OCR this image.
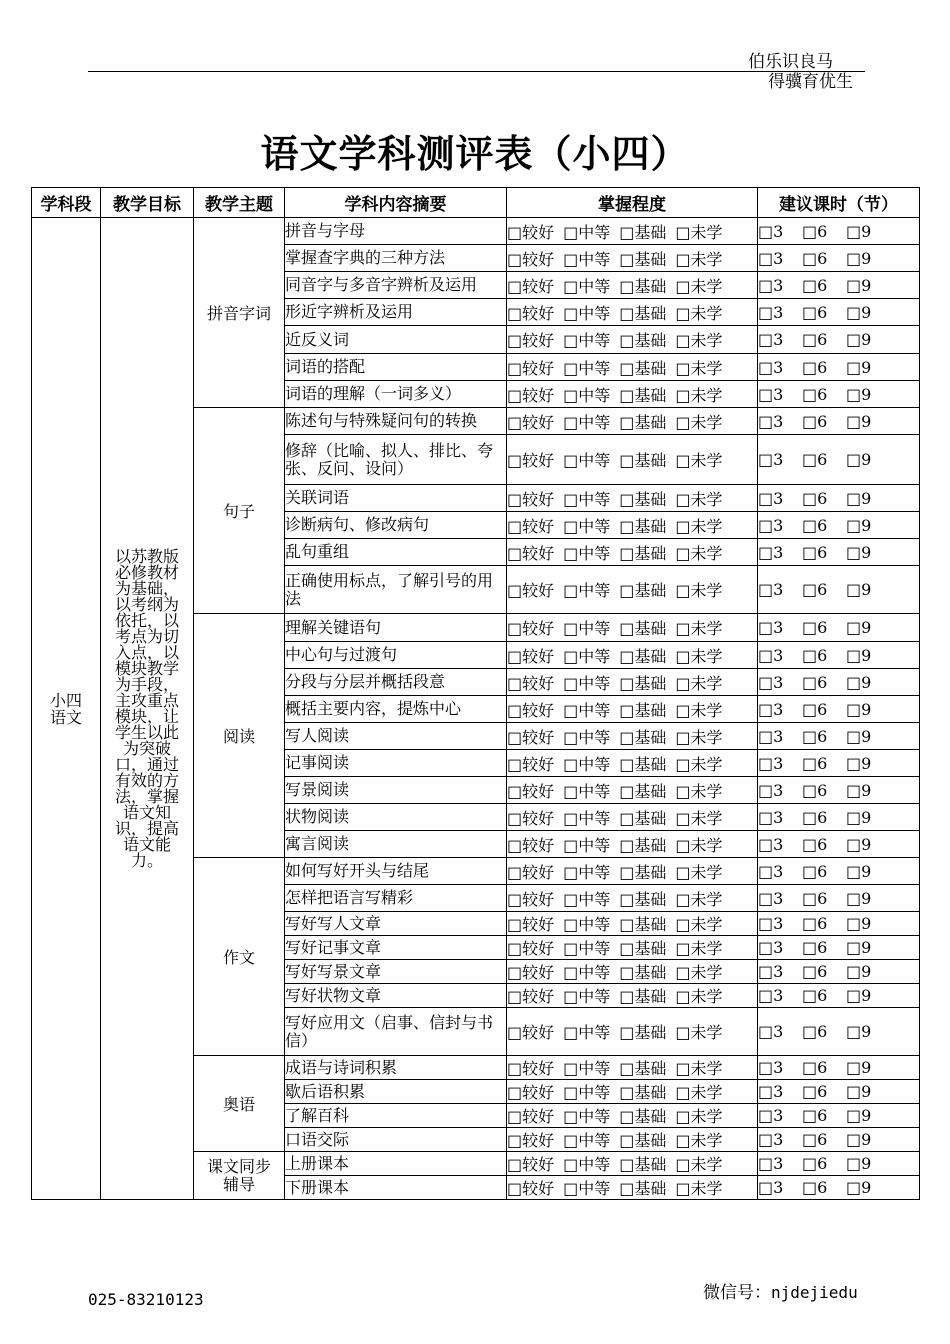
伯乐识良马
得骥育优生
语文学科测评表（小四）
学科段	教学目标	教学主题	学科内容摘要	掌握程度	建议课时（节）

小四
语文	以苏教版必修教材为基础，以考纲为依托，以考点为切入点，以模块教学为手段，主攻重点模块，让学生以此为突破口，通过有效的方法，掌握语文知识，提高语文能力。	拼音字词	拼音与字母	□较好 □中等 □基础 □未学	□3 □6 □9

			掌握查字典的三种方法	□较好 □中等 □基础 □未学	□3 □6 □9

			同音字与多音字辨析及运用	□较好 □中等 □基础 □未学	□3 □6 □9

			形近字辨析及运用	□较好 □中等 □基础 □未学	□3 □6 □9

			近反义词	□较好 □中等 □基础 □未学	□3 □6 □9

			词语的搭配	□较好 □中等 □基础 □未学	□3 □6 □9

			词语的理解（一词多义）	□较好 □中等 □基础 □未学	□3 □6 □9
		句子	陈述句与特殊疑问句的转换	□较好 □中等 □基础 □未学	□3 □6 □9

			修辞（比喻、拟人、排比、夸张、反问、设问）	□较好 □中等 □基础 □未学	□3 □6 □9

			关联词语	□较好 □中等 □基础 □未学	□3 □6 □9

			诊断病句、修改病句	□较好 □中等 □基础 □未学	□3 □6 □9

			乱句重组	□较好 □中等 □基础 □未学	□3 □6 □9

			正确使用标点，了解引号的用法	□较好 □中等 □基础 □未学	□3 □6 □9
		阅读	理解关键语句	□较好 □中等 □基础 □未学	□3 □6 □9

			中心句与过渡句	□较好 □中等 □基础 □未学	□3 □6 □9

			分段与分层并概括段意	□较好 □中等 □基础 □未学	□3 □6 □9

			概括主要内容，提炼中心	□较好 □中等 □基础 □未学	□3 □6 □9

			写人阅读	□较好 □中等 □基础 □未学	□3 □6 □9

			记事阅读	□较好 □中等 □基础 □未学	□3 □6 □9

			写景阅读	□较好 □中等 □基础 □未学	□3 □6 □9

			状物阅读	□较好 □中等 □基础 □未学	□3 □6 □9

			寓言阅读	□较好 □中等 □基础 □未学	□3 □6 □9
		作文	如何写好开头与结尾	□较好 □中等 □基础 □未学	□3 □6 □9

			怎样把语言写精彩	□较好 □中等 □基础 □未学	□3 □6 □9

			写好写人文章	□较好 □中等 □基础 □未学	□3 □6 □9

			写好记事文章	□较好 □中等 □基础 □未学	□3 □6 □9

			写好写景文章	□较好 □中等 □基础 □未学	□3 □6 □9

			写好状物文章	□较好 □中等 □基础 □未学	□3 □6 □9

			写好应用文（启事、信封与书信）	□较好 □中等 □基础 □未学	□3 □6 □9
		奥语	成语与诗词积累	□较好 □中等 □基础 □未学	□3 □6 □9

			歇后语积累	□较好 □中等 □基础 □未学	□3 □6 □9

			了解百科	□较好 □中等 □基础 □未学	□3 □6 □9

			口语交际	□较好 □中等 □基础 □未学	□3 □6 □9

		课文同步辅导	上册课本	□较好 □中等 □基础 □未学	□3 □6 □9

			下册课本	□较好 □中等 □基础 □未学	□3 □6 □9
025-83210123	微信号：njdejiedu
